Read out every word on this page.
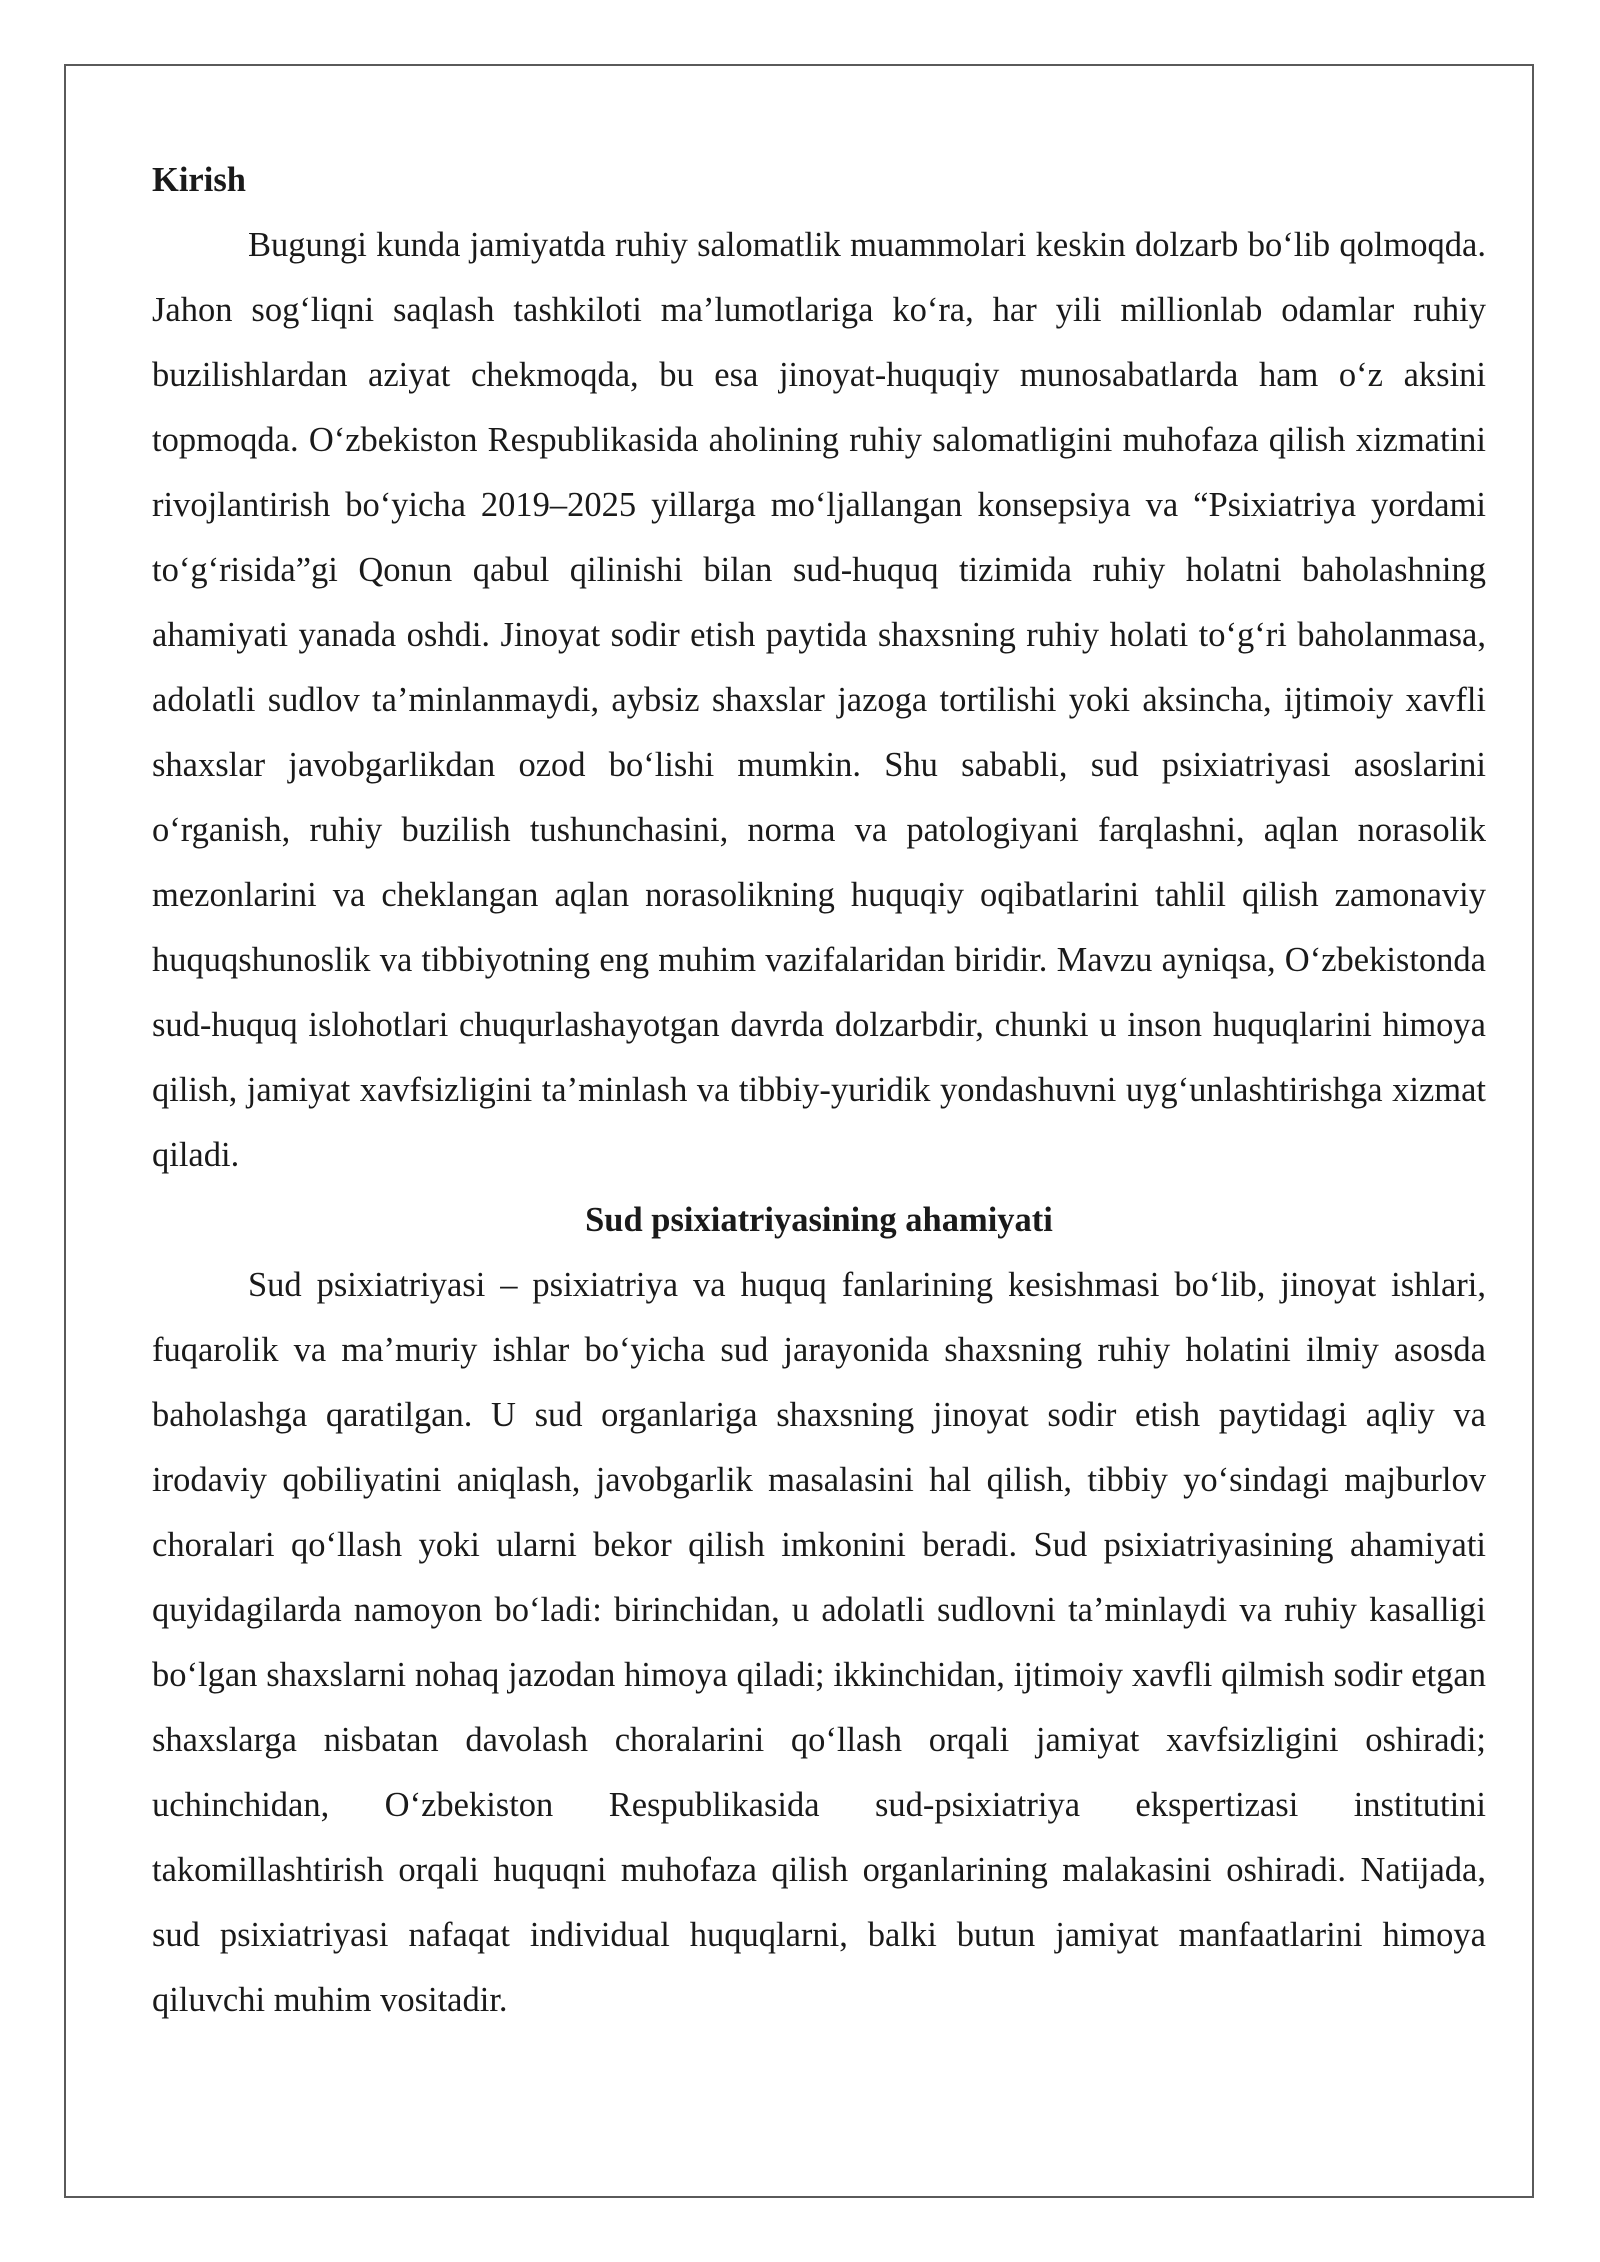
Kirish

Bugungi kunda jamiyatda ruhiy salomatlik muammolari keskin dolzarb bo‘lib qolmoqda. Jahon sog‘liqni saqlash tashkiloti ma’lumotlariga ko‘ra, har yili millionlab odamlar ruhiy buzilishlardan aziyat chekmoqda, bu esa jinoyat-huquqiy munosabatlarda ham o‘z aksini topmoqda. O‘zbekiston Respublikasida aholining ruhiy salomatligini muhofaza qilish xizmatini rivojlantirish bo‘yicha 2019–2025 yillarga mo‘ljallangan konsepsiya va “Psixiatriya yordami to‘g‘risida”gi Qonun qabul qilinishi bilan sud-huquq tizimida ruhiy holatni baholashning ahamiyati yanada oshdi. Jinoyat sodir etish paytida shaxsning ruhiy holati to‘g‘ri baholanmasa, adolatli sudlov ta’minlanmaydi, aybsiz shaxslar jazoga tortilishi yoki aksincha, ijtimoiy xavfli shaxslar javobgarlikdan ozod bo‘lishi mumkin. Shu sababli, sud psixiatriyasi asoslarini o‘rganish, ruhiy buzilish tushunchasini, norma va patologiyani farqlashni, aqlan norasolik mezonlarini va cheklangan aqlan norasolikning huquqiy oqibatlarini tahlil qilish zamonaviy huquqshunoslik va tibbiyotning eng muhim vazifalaridan biridir. Mavzu ayniqsa, O‘zbekistonda sud-huquq islohotlari chuqurlashayotgan davrda dolzarbdir, chunki u inson huquqlarini himoya qilish, jamiyat xavfsizligini ta’minlash va tibbiy-yuridik yondashuvni uyg‘unlashtirishga xizmat qiladi.

Sud psixiatriyasining ahamiyati

Sud psixiatriyasi – psixiatriya va huquq fanlarining kesishmasi bo‘lib, jinoyat ishlari, fuqarolik va ma’muriy ishlar bo‘yicha sud jarayonida shaxsning ruhiy holatini ilmiy asosda baholashga qaratilgan. U sud organlariga shaxsning jinoyat sodir etish paytidagi aqliy va irodaviy qobiliyatini aniqlash, javobgarlik masalasini hal qilish, tibbiy yo‘sindagi majburlov choralari qo‘llash yoki ularni bekor qilish imkonini beradi. Sud psixiatriyasining ahamiyati quyidagilarda namoyon bo‘ladi: birinchidan, u adolatli sudlovni ta’minlaydi va ruhiy kasalligi bo‘lgan shaxslarni nohaq jazodan himoya qiladi; ikkinchidan, ijtimoiy xavfli qilmish sodir etgan shaxslarga nisbatan davolash choralarini qo‘llash orqali jamiyat xavfsizligini oshiradi; uchinchidan, O‘zbekiston Respublikasida sud-psixiatriya ekspertizasi institutini takomillashtirish orqali huquqni muhofaza qilish organlarining malakasini oshiradi. Natijada, sud psixiatriyasi nafaqat individual huquqlarni, balki butun jamiyat manfaatlarini himoya qiluvchi muhim vositadir.
